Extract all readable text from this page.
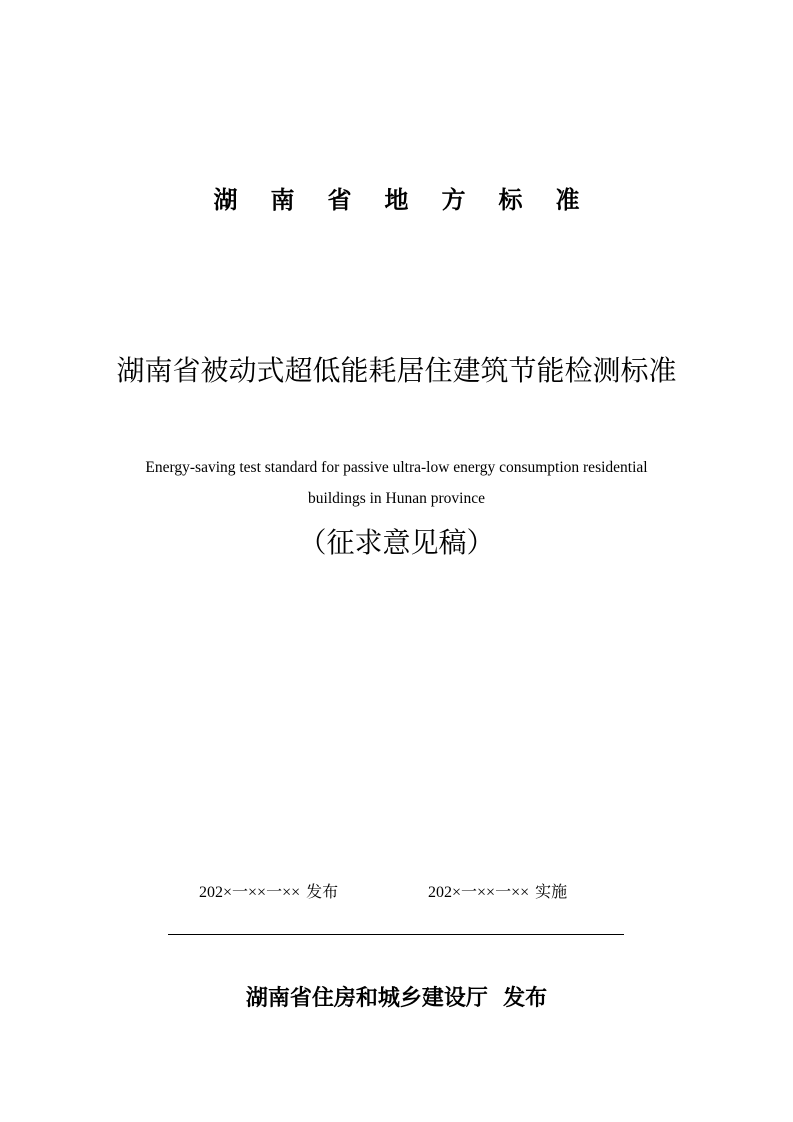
湖南省地方标准
湖南省被动式超低能耗居住建筑节能检测标准
Energy-saving test standard for passive ultra-low energy consumption residential
buildings in Hunan province
（征求意见稿）
202×一××一×× 发布	202×一××一×× 实施
湖南省住房和城乡建设厅  发布
